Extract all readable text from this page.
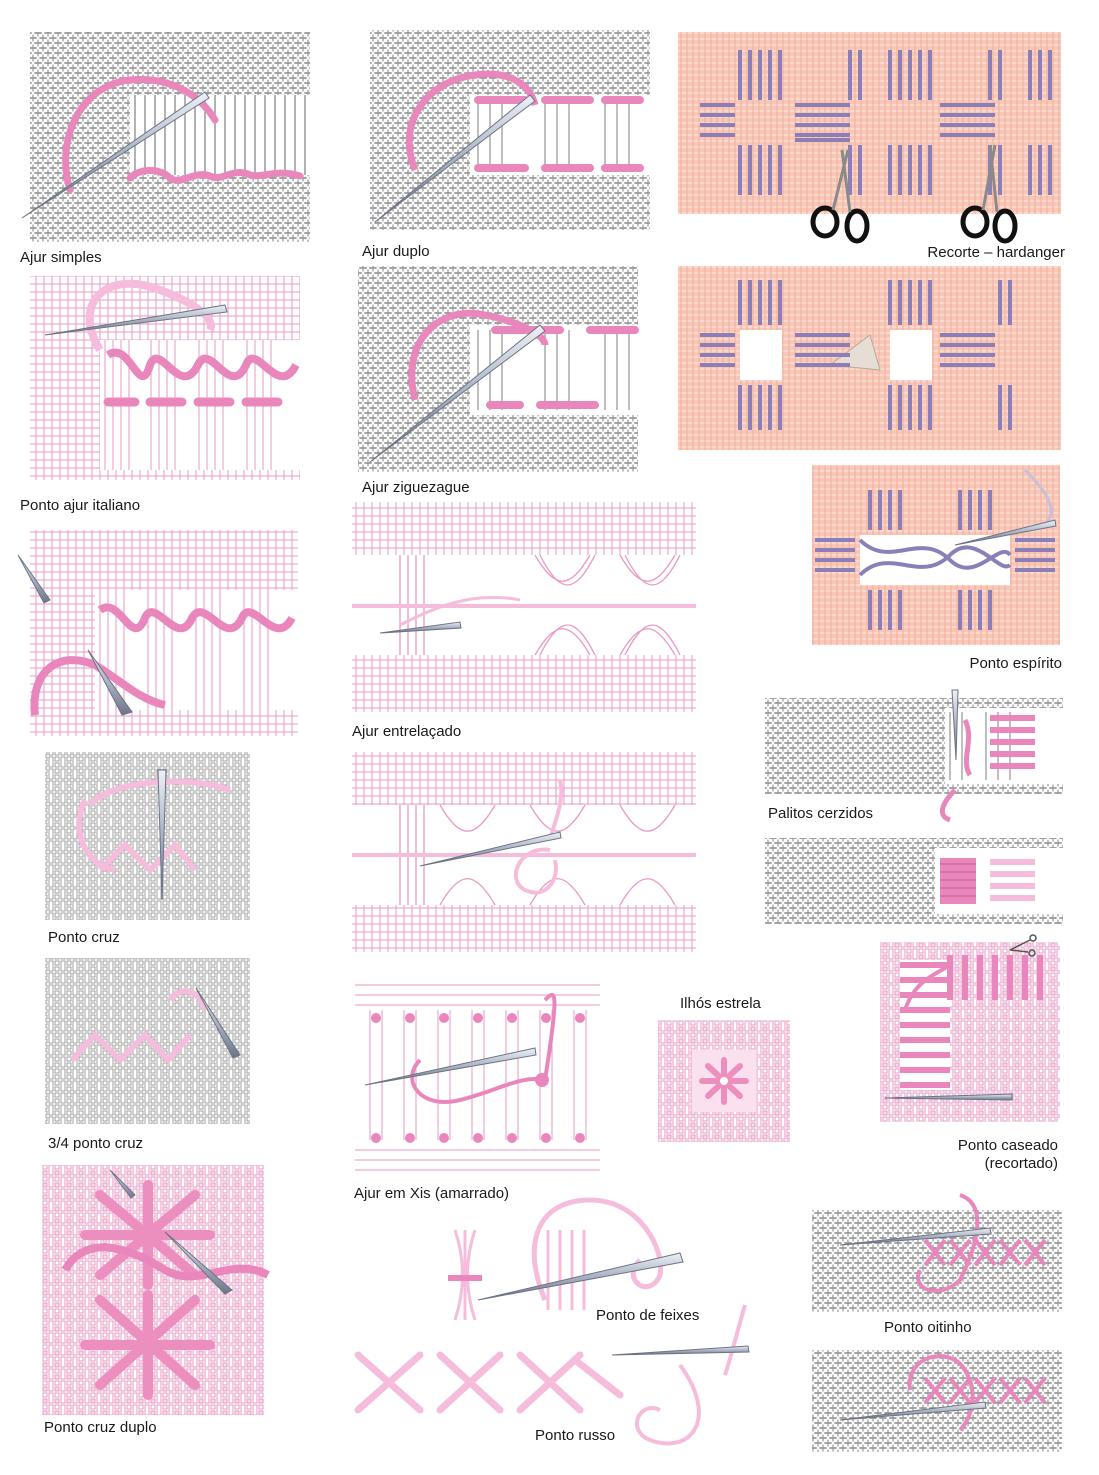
Ajur simples
Ponto ajur italiano
Ponto cruz
3/4 ponto cruz
Ponto cruz duplo
Ajur duplo
Ajur ziguezague
Ajur entrelaçado
Ajur em Xis (amarrado)
Ilhós estrela
Ponto de feixes
Ponto russo
Recorte – hardanger
Ponto espírito
Palitos cerzidos
Ponto caseado
(recortado)
Ponto oitinho
